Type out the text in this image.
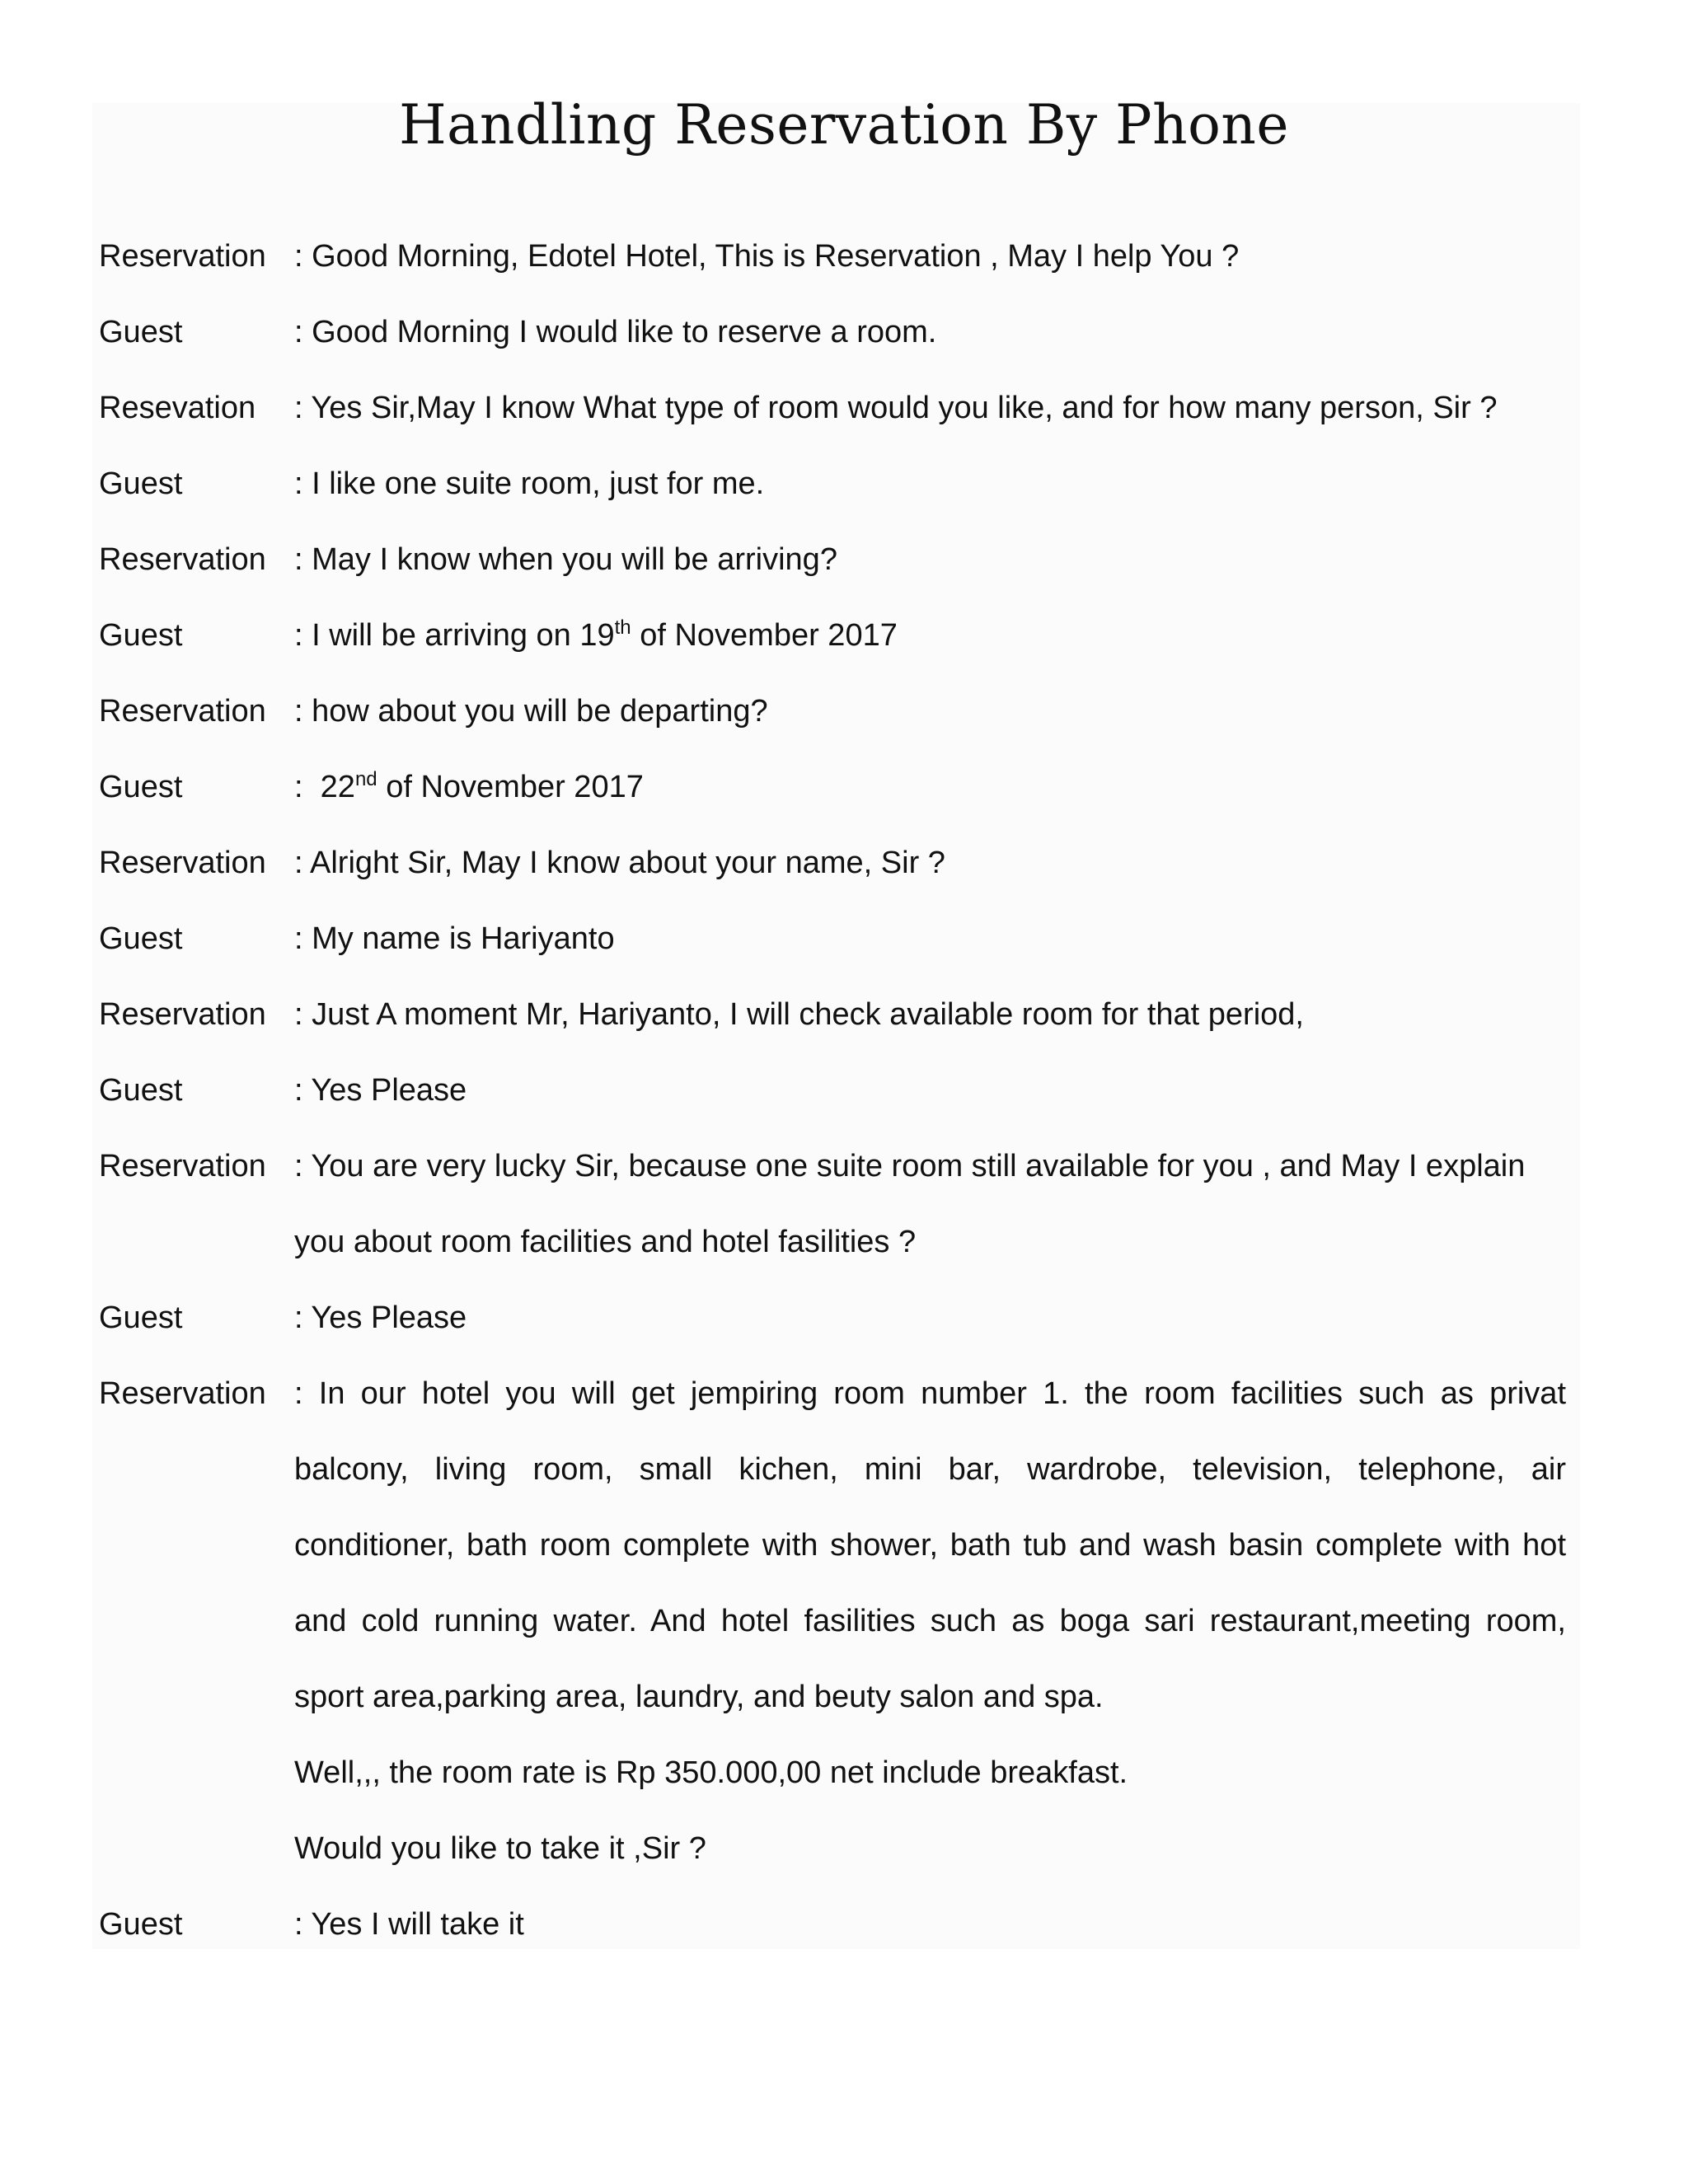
Handling Reservation By Phone
Reservation : Good Morning, Edotel Hotel, This is Reservation , May I help You ?

Guest	: Good Morning I would like to reserve a room.

Resevation	: Yes Sir,May I know What type of room would you like, and for how many person, Sir ?

Guest	: I like one suite room, just for me.

Reservation : May I know when you will be arriving?

Guest	: I will be arriving on 19th of November 2017

Reservation : how about you will be departing?

Guest	:  22nd of November 2017

Reservation : Alright Sir, May I know about your name, Sir ?

Guest	: My name is Hariyanto

Reservation : Just A moment Mr, Hariyanto, I will check available room for that period,

Guest	: Yes Please

Reservation : You are very lucky Sir, because one suite room still available for you , and May I explain

you about room facilities and hotel fasilities ?

Guest	: Yes Please

Reservation : In our hotel you will get jempiring room number 1. the room facilities such as privat

balcony, living room, small kichen, mini bar, wardrobe, television, telephone, air

conditioner, bath room complete with shower, bath tub and wash basin complete with hot

and cold running water. And hotel fasilities such as boga sari restaurant,meeting room,

sport area,parking area, laundry, and beuty salon and spa.

Well,,, the room rate is Rp 350.000,00 net include breakfast.

Would you like to take it ,Sir ?

Guest	: Yes I will take it
